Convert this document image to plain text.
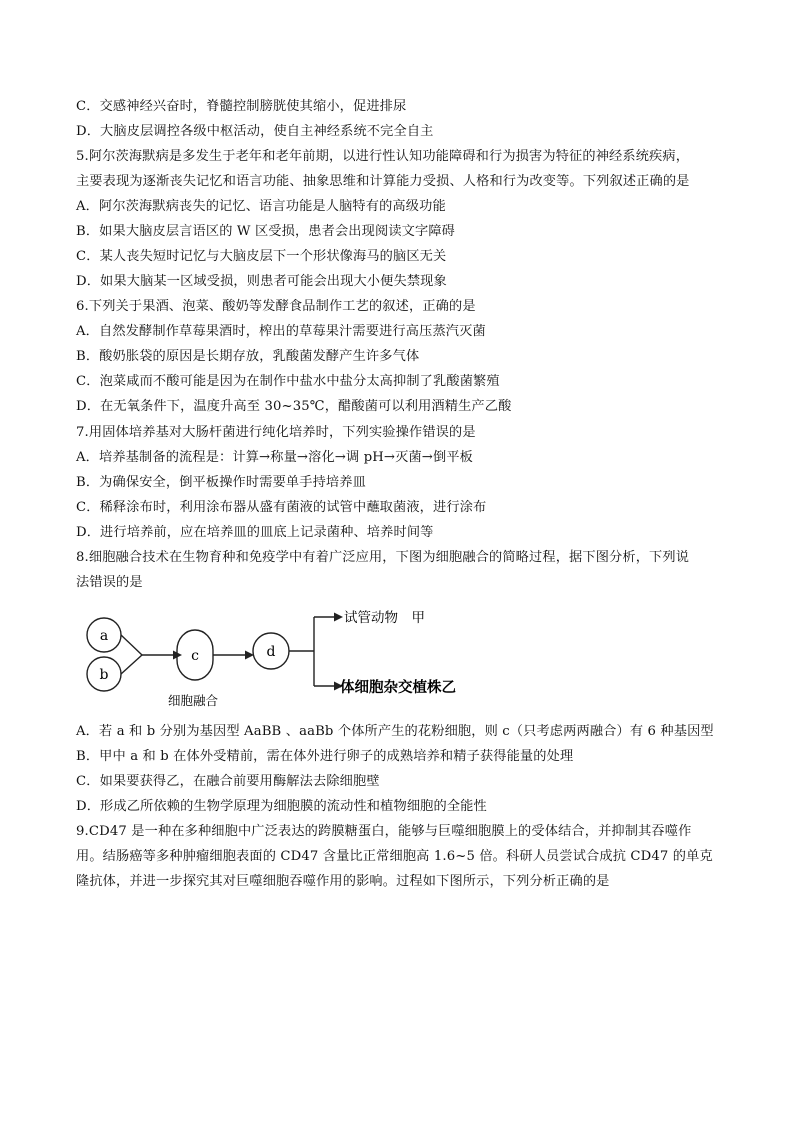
C．交感神经兴奋时，脊髓控制膀胱使其缩小，促进排尿
D．大脑皮层调控各级中枢活动，使自主神经系统不完全自主
5.阿尔茨海默病是多发生于老年和老年前期，以进行性认知功能障碍和行为损害为特征的神经系统疾病，
主要表现为逐渐丧失记忆和语言功能、抽象思维和计算能力受损、人格和行为改变等。下列叙述正确的是
A．阿尔茨海默病丧失的记忆、语言功能是人脑特有的高级功能
B．如果大脑皮层言语区的 W 区受损，患者会出现阅读文字障碍
C．某人丧失短时记忆与大脑皮层下一个形状像海马的脑区无关
D．如果大脑某一区域受损，则患者可能会出现大小便失禁现象
6.下列关于果酒、泡菜、酸奶等发酵食品制作工艺的叙述，正确的是
A．自然发酵制作草莓果酒时，榨出的草莓果汁需要进行高压蒸汽灭菌
B．酸奶胀袋的原因是长期存放，乳酸菌发酵产生许多气体
C．泡菜咸而不酸可能是因为在制作中盐水中盐分太高抑制了乳酸菌繁殖
D．在无氧条件下，温度升高至 30~35℃，醋酸菌可以利用酒精生产乙酸
7.用固体培养基对大肠杆菌进行纯化培养时，下列实验操作错误的是
A．培养基制备的流程是：计算→称量→溶化→调 pH→灭菌→倒平板
B．为确保安全，倒平板操作时需要单手持培养皿
C．稀释涂布时，利用涂布器从盛有菌液的试管中蘸取菌液，进行涂布
D．进行培养前，应在培养皿的皿底上记录菌种、培养时间等
8.细胞融合技术在生物育种和免疫学中有着广泛应用，下图为细胞融合的简略过程，据下图分析，下列说
法错误的是
a
b
c	d
细胞融合
试管动物　甲
体细胞杂交植株乙
A．若 a 和 b 分别为基因型 AaBB 、aaBb 个体所产生的花粉细胞，则 c（只考虑两两融合）有 6 种基因型
B．甲中 a 和 b 在体外受精前，需在体外进行卵子的成熟培养和精子获得能量的处理
C．如果要获得乙，在融合前要用酶解法去除细胞壁
D．形成乙所依赖的生物学原理为细胞膜的流动性和植物细胞的全能性
9.CD47 是一种在多种细胞中广泛表达的跨膜糖蛋白，能够与巨噬细胞膜上的受体结合，并抑制其吞噬作
用。结肠癌等多种肿瘤细胞表面的 CD47 含量比正常细胞高 1.6~5 倍。科研人员尝试合成抗 CD47 的单克
隆抗体，并进一步探究其对巨噬细胞吞噬作用的影响。过程如下图所示，下列分析正确的是
